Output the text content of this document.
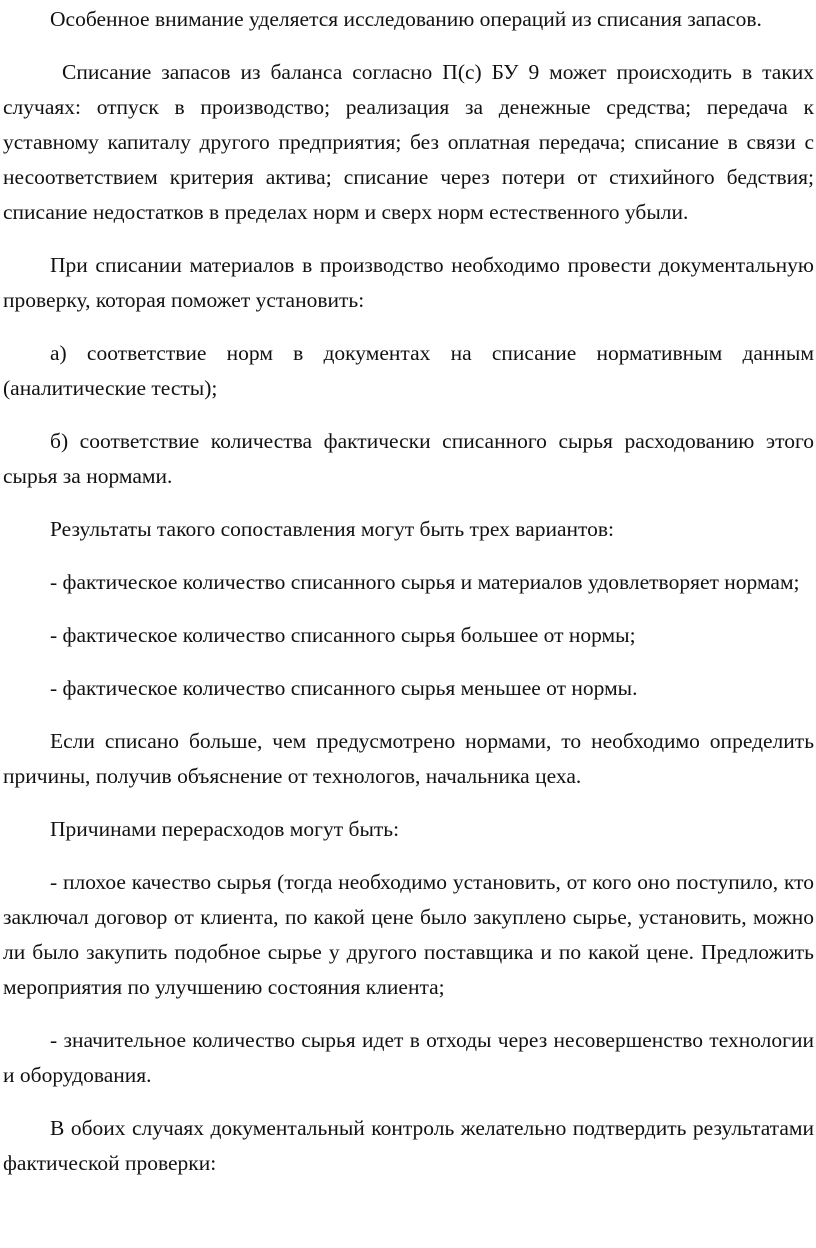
Особенное внимание уделяется исследованию операций из списания запасов.

Списание запасов из баланса согласно П(с) БУ 9 может происходить в таких случаях: отпуск в производство; реализация за денежные средства; передача к уставному капиталу другого предприятия; без оплатная передача; списание в связи с несоответствием критерия актива; списание через потери от стихийного бедствия; списание недостатков в пределах норм и сверх норм естественного убыли.

При списании материалов в производство необходимо провести документальную проверку, которая поможет установить:

а) соответствие норм в документах на списание нормативным данным (аналитические тесты);

б) соответствие количества фактически списанного сырья расходованию этого сырья за нормами.

Результаты такого сопоставления могут быть трех вариантов:

- фактическое количество списанного сырья и материалов удовлетворяет нормам;

- фактическое количество списанного сырья большее от нормы;

- фактическое количество списанного сырья меньшее от нормы.

Если списано больше, чем предусмотрено нормами, то необходимо определить причины, получив объяснение от технологов, начальника цеха.

Причинами перерасходов могут быть:

- плохое качество сырья (тогда необходимо установить, от кого оно поступило, кто заключал договор от клиента, по какой цене было закуплено сырье, установить, можно ли было закупить подобное сырье у другого поставщика и по какой цене. Предложить мероприятия по улучшению состояния клиента;

- значительное количество сырья идет в отходы через несовершенство технологии и оборудования.

В обоих случаях документальный контроль желательно подтвердить результатами фактической проверки:
